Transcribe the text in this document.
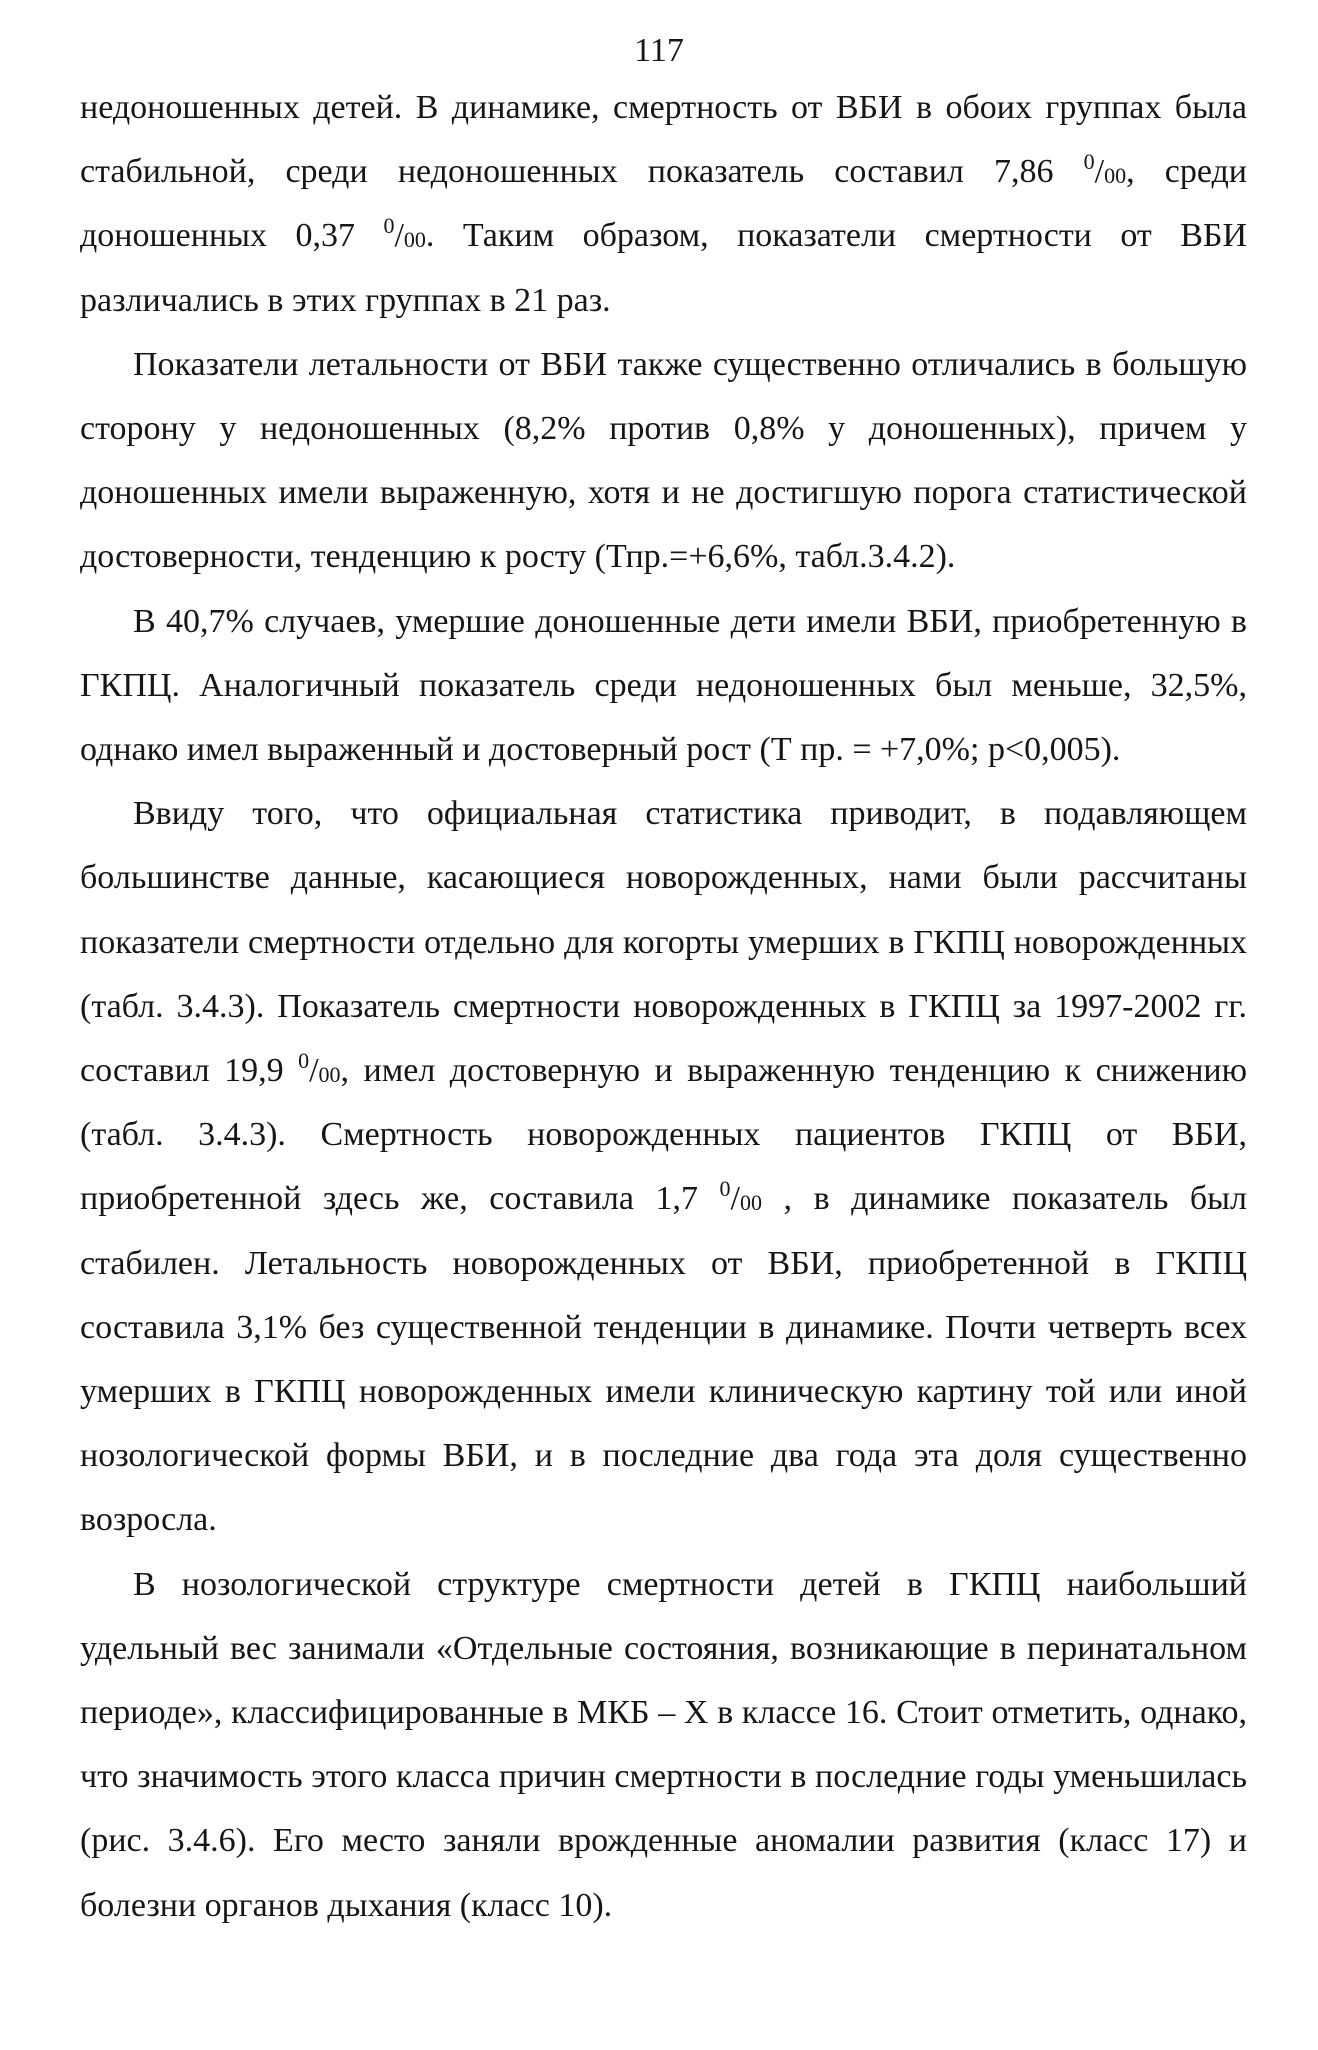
117

недоношенных детей. В динамике, смертность от ВБИ в обоих группах была стабильной, среди недоношенных показатель составил 7,86 $^0/_{00}$, среди доношенных 0,37 $^0/_{00}$. Таким образом, показатели смертности от ВБИ различались в этих группах в 21 раз.

Показатели летальности от ВБИ также существенно отличались в большую сторону у недоношенных (8,2% против 0,8% у доношенных), причем у доношенных имели выраженную, хотя и не достигшую порога статистической достоверности, тенденцию к росту (Тпр.=+6,6%, табл.3.4.2).

В 40,7% случаев, умершие доношенные дети имели ВБИ, приобретенную в ГКПЦ. Аналогичный показатель среди недоношенных был меньше, 32,5%, однако имел выраженный и достоверный рост (Т пр. = +7,0%; p<0,005).

Ввиду того, что официальная статистика приводит, в подавляющем большинстве данные, касающиеся новорожденных, нами были рассчитаны показатели смертности отдельно для когорты умерших в ГКПЦ новорожденных (табл. 3.4.3). Показатель смертности новорожденных в ГКПЦ за 1997-2002 гг. составил 19,9 $^0/_{00}$, имел достоверную и выраженную тенденцию к снижению (табл. 3.4.3). Смертность новорожденных пациентов ГКПЦ от ВБИ, приобретенной здесь же, составила 1,7 $^0/_{00}$ , в динамике показатель был стабилен. Летальность новорожденных от ВБИ, приобретенной в ГКПЦ составила 3,1% без существенной тенденции в динамике. Почти четверть всех умерших в ГКПЦ новорожденных имели клиническую картину той или иной нозологической формы ВБИ, и в последние два года эта доля существенно возросла.

В нозологической структуре смертности детей в ГКПЦ наибольший удельный вес занимали «Отдельные состояния, возникающие в перинатальном периоде», классифицированные в МКБ – X в классе 16. Стоит отметить, однако, что значимость этого класса причин смертности в последние годы уменьшилась (рис. 3.4.6). Его место заняли врожденные аномалии развития (класс 17) и болезни органов дыхания (класс 10).
